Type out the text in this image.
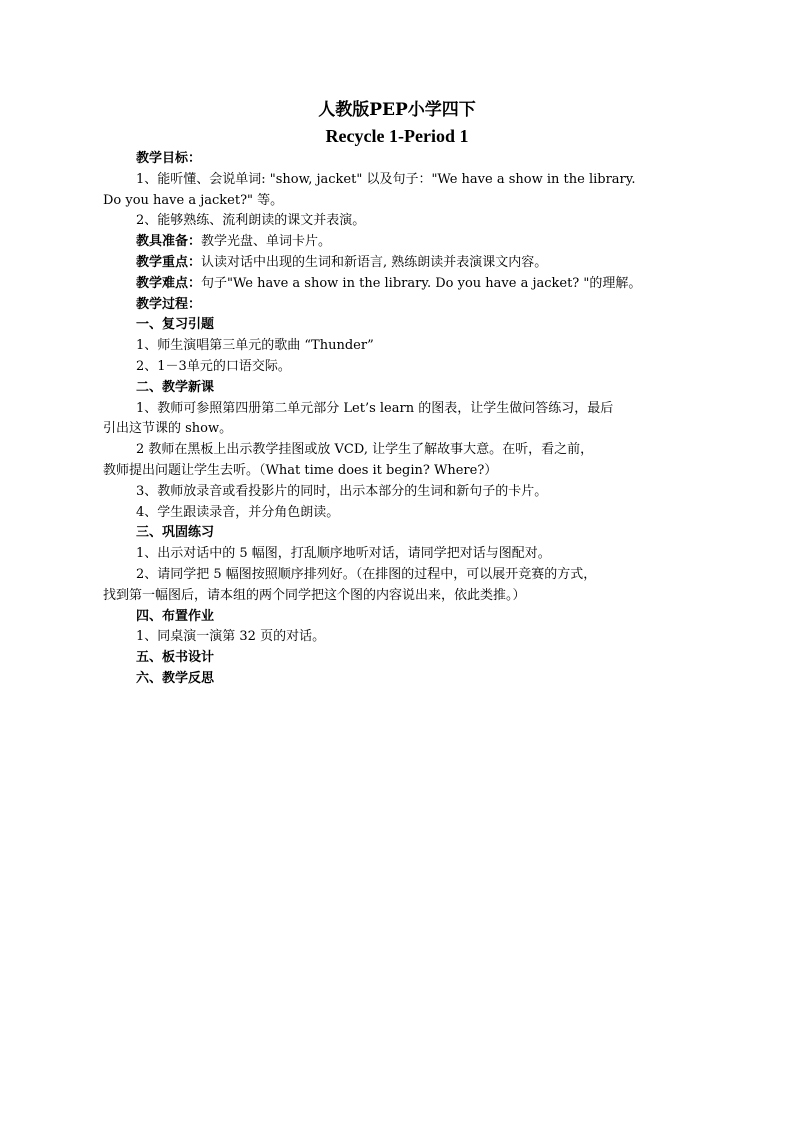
人教版PEP小学四下
Recycle 1-Period 1
教学目标：
1、能听懂、会说单词: "show, jacket" 以及句子："We have a show in the library.
Do you have a jacket?" 等。
2、能够熟练、流利朗读的课文并表演。
教具准备：教学光盘、单词卡片。
教学重点：认读对话中出现的生词和新语言, 熟练朗读并表演课文内容。
教学难点：句子"We have a show in the library. Do you have a jacket? "的理解。
教学过程：
一、复习引题
1、师生演唱第三单元的歌曲 “Thunder”
2、1－3单元的口语交际。
二、教学新课
1、教师可参照第四册第二单元部分 Let’s learn 的图表，让学生做问答练习，最后
引出这节课的 show。
2 教师在黑板上出示教学挂图或放 VCD, 让学生了解故事大意。在听，看之前，
教师提出问题让学生去听。（What time does it begin? Where?）
3、教师放录音或看投影片的同时，出示本部分的生词和新句子的卡片。
4、学生跟读录音，并分角色朗读。
三、巩固练习
1、出示对话中的 5 幅图，打乱顺序地听对话，请同学把对话与图配对。
2、请同学把 5 幅图按照顺序排列好。（在排图的过程中，可以展开竞赛的方式，
找到第一幅图后，请本组的两个同学把这个图的内容说出来，依此类推。）
四、布置作业
1、同桌演一演第 32 页的对话。
五、板书设计
六、教学反思
